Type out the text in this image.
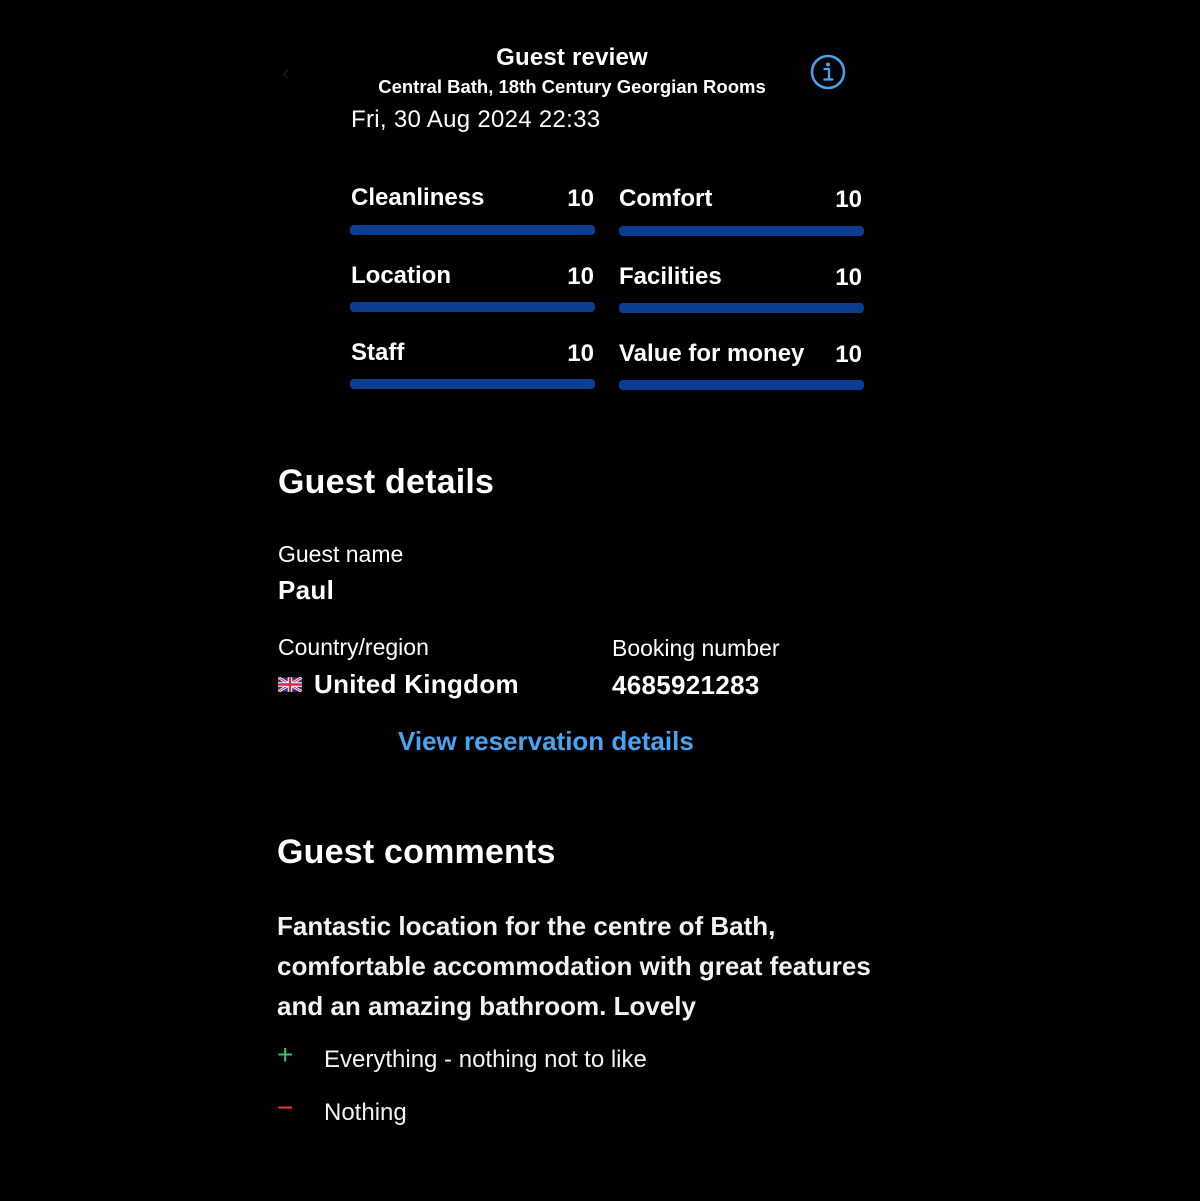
‹
Guest review
Central Bath, 18th Century Georgian Rooms
Fri, 30 Aug 2024 22:33
Cleanliness	10 Comfort	10
Location	10 Facilities	10
Staff	10 Value for money	10
Guest details
Guest name
Paul
Country/region
United Kingdom
Booking number
4685921283
View reservation details
Guest comments
Fantastic location for the centre of Bath, comfortable accommodation with great features and an amazing bathroom. Lovely
+ Everything - nothing not to like
− Nothing
